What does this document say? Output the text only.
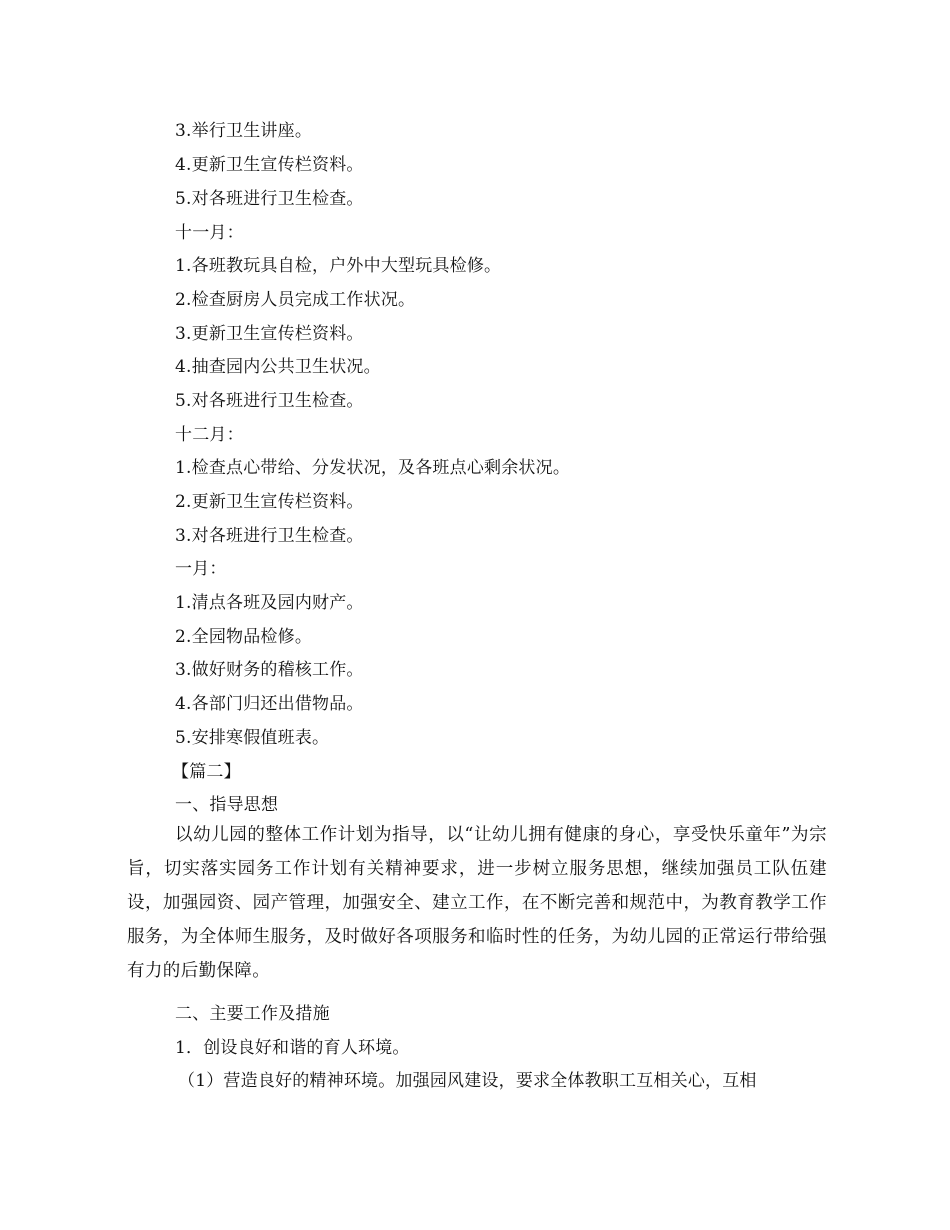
3.举行卫生讲座。
4.更新卫生宣传栏资料。
5.对各班进行卫生检查。
十一月：
1.各班教玩具自检，户外中大型玩具检修。
2.检查厨房人员完成工作状况。
3.更新卫生宣传栏资料。
4.抽查园内公共卫生状况。
5.对各班进行卫生检查。
十二月：
1.检查点心带给、分发状况，及各班点心剩余状况。
2.更新卫生宣传栏资料。
3.对各班进行卫生检查。
一月：
1.清点各班及园内财产。
2.全园物品检修。
3.做好财务的稽核工作。
4.各部门归还出借物品。
5.安排寒假值班表。
【篇二】
一、指导思想
以幼儿园的整体工作计划为指导，以“让幼儿拥有健康的身心，享受快乐童年”为宗旨，切实落实园务工作计划有关精神要求，进一步树立服务思想，继续加强员工队伍建设，加强园资、园产管理，加强安全、建立工作，在不断完善和规范中，为教育教学工作服务，为全体师生服务，及时做好各项服务和临时性的任务，为幼儿园的正常运行带给强有力的后勤保障。
二、主要工作及措施
1．创设良好和谐的育人环境。
（1）营造良好的精神环境。加强园风建设，要求全体教职工互相关心，互相
